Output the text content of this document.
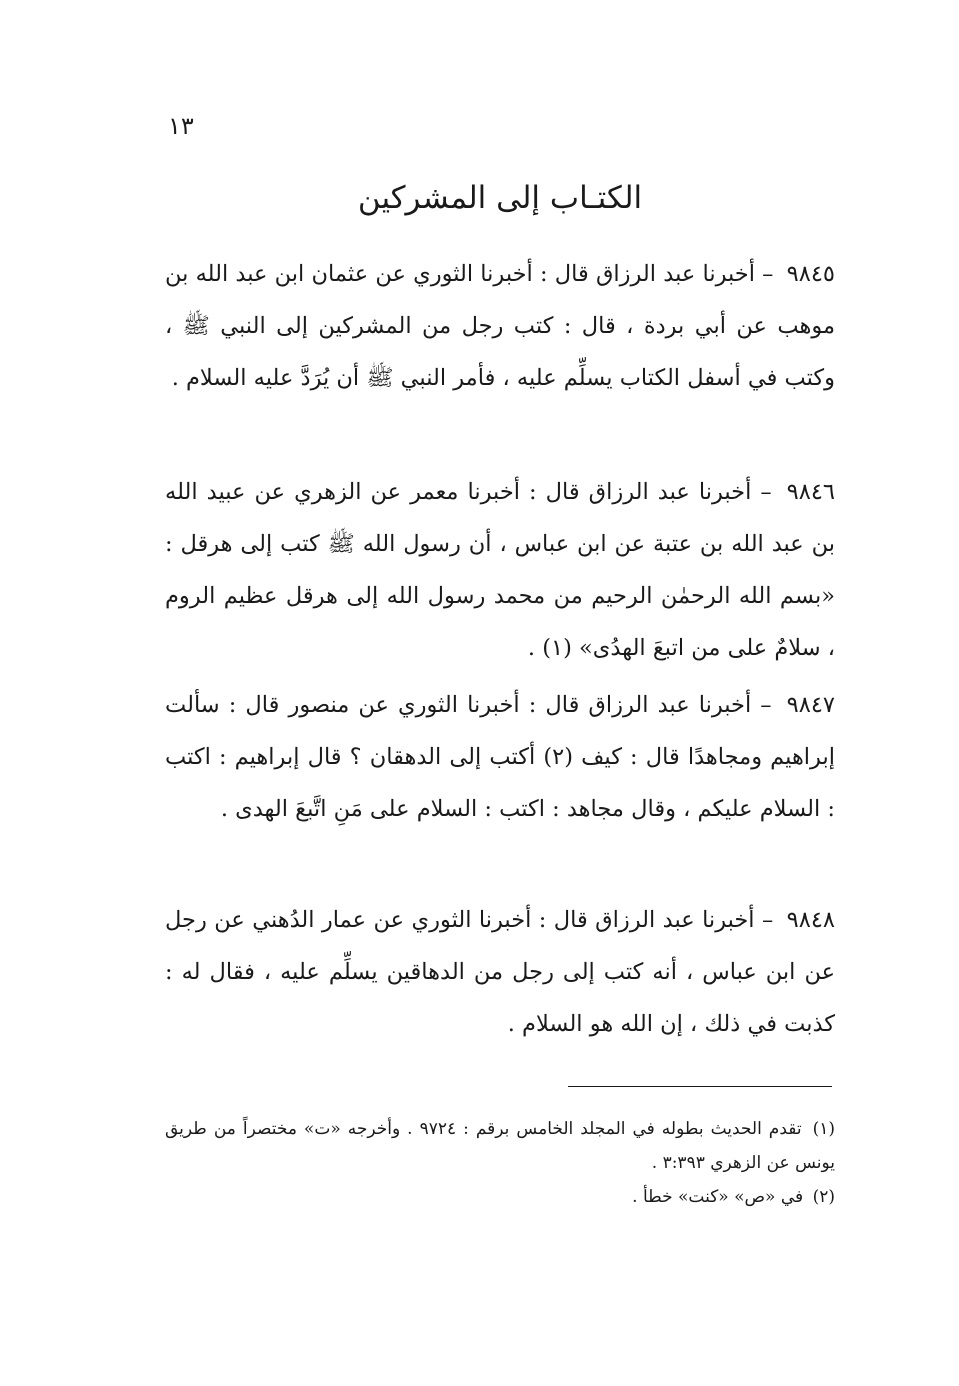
١٣
الكتـاب إلى المشركين

٩٨٤٥ – أخبرنا عبد الرزاق قال : أخبرنا الثوري عن عثمان ابن عبد الله بن موهب عن أبي بردة ، قال : كتب رجل من المشركين إلى النبي ﷺ ، وكتب في أسفل الكتاب يسلِّم عليه ، فأمر النبي ﷺ أن يُرَدَّ عليه السلام .

٩٨٤٦ – أخبرنا عبد الرزاق قال : أخبرنا معمر عن الزهري عن عبيد الله بن عبد الله بن عتبة عن ابن عباس ، أن رسول الله ﷺ كتب إلى هرقل : «بسم الله الرحمٰن الرحيم من محمد رسول الله إلى هرقل عظيم الروم ، سلامٌ على من اتبعَ الهدُى» (١) .

٩٨٤٧ – أخبرنا عبد الرزاق قال : أخبرنا الثوري عن منصور قال : سألت إبراهيم ومجاهدًا قال : كيف (٢) أكتب إلى الدهقان ؟ قال إبراهيم : اكتب : السلام عليكم ، وقال مجاهد : اكتب : السلام على مَنِ اتَّبعَ الهدى .

٩٨٤٨ – أخبرنا عبد الرزاق قال : أخبرنا الثوري عن عمار الدُهني عن رجل عن ابن عباس ، أنه كتب إلى رجل من الدهاقين يسلِّم عليه ، فقال له : كذبت في ذلك ، إن الله هو السلام .

(١) تقدم الحديث بطوله في المجلد الخامس برقم : ٩٧٢٤ . وأخرجه «ت» مختصراً من طريق يونس عن الزهري ٣:٣٩٣ .
(٢) في «ص» «كنت» خطأ .
